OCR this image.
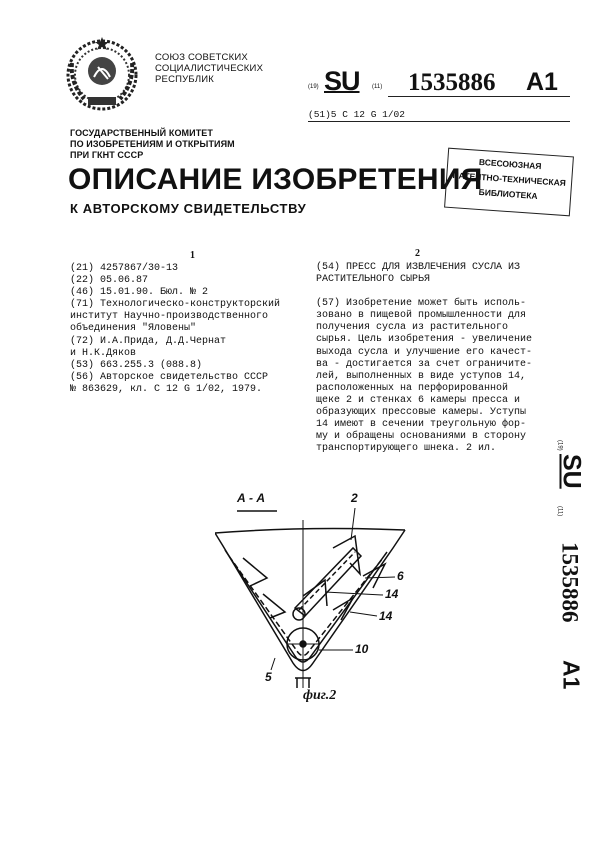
СОЮЗ СОВЕТСКИХ
СОЦИАЛИСТИЧЕСКИХ
РЕСПУБЛИК
(19) SU (11) 1535886 A1
(51)5 С 12 G 1/02
ГОСУДАРСТВЕННЫЙ КОМИТЕТ
ПО ИЗОБРЕТЕНИЯМ И ОТКРЫТИЯМ
ПРИ ГКНТ СССР
ОПИСАНИЕ ИЗОБРЕТЕНИЯ
К АВТОРСКОМУ СВИДЕТЕЛЬСТВУ
ВСЕСОЮЗНАЯ
ПАТЕНТНО-ТЕХНИЧЕСКАЯ
БИБЛИОТЕКА
1	2
(21) 4257867/30-13
(22) 05.06.87
(46) 15.01.90. Бюл. № 2
(71) Технологическо-конструкторский
институт Научно-производственного
объединения "Яловены"
(72) И.А.Прида, Д.Д.Чернат
и Н.К.Дяков
(53) 663.255.3 (088.8)
(56) Авторское свидетельство СССР
№ 863629, кл. С 12 G 1/02, 1979.
(54) ПРЕСС ДЛЯ ИЗВЛЕЧЕНИЯ СУСЛА ИЗ
РАСТИТЕЛЬНОГО СЫРЬЯ
(57) Изобретение может быть исполь-
зовано в пищевой промышленности для
получения сусла из растительного
сырья. Цель изобретения - увеличение
выхода сусла и улучшение его качест-
ва - достигается за счет ограничите-
лей, выполненных в виде уступов 14,
расположенных на перфорированной
щеке 2 и стенках 6 камеры пресса и
образующих прессовые камеры. Уступы
14 имеют в сечении треугольную фор-
му и обращены основаниями в сторону
транспортирующего шнека. 2 ил.	(19)
SU
(11)
1535886
A1
А - А	2
6
14
14
10
5
фиг.2
